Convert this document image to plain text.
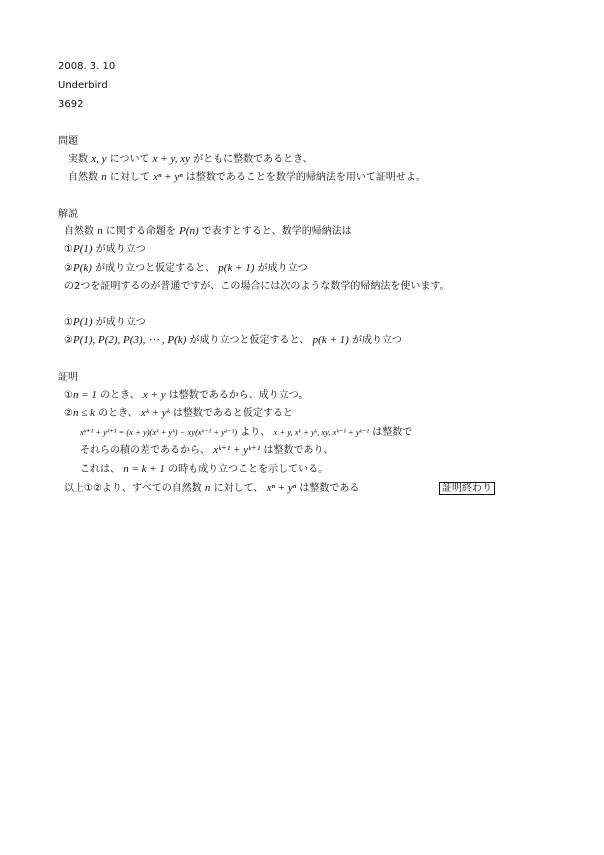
2008. 3. 10
Underbird
3692
問題
実数 x, y について x + y, xy がともに整数であるとき、
自然数 n に対して xⁿ + yⁿ は整数であることを数学的帰納法を用いて証明せよ。
解説
自然数 n に関する命題を P(n) で表すとすると、数学的帰納法は
①P(1) が成り立つ
②P(k) が成り立つと仮定すると、 p(k + 1) が成り立つ
の2つを証明するのが普通ですが、この場合には次のような数学的帰納法を使います。
①P(1) が成り立つ
②P(1), P(2), P(3), ⋯ , P(k) が成り立つと仮定すると、 p(k + 1) が成り立つ
証明
①n = 1 のとき、 x + y は整数であるから、成り立つ。
②n ≤ k のとき、 xᵏ + yᵏ は整数であると仮定すると
xᵏ⁺¹ + yᵏ⁺¹ = (x + y)(xᵏ + yᵏ) − xy(xᵏ⁻¹ + yᵏ⁻¹) より、 x + y, xᵏ + yᵏ, xy, xᵏ⁻¹ + yᵏ⁻¹ は整数で
それらの積の差であるから、 xᵏ⁺¹ + yᵏ⁺¹ は整数であり、
これは、 n = k + 1 の時も成り立つことを示している。
以上①②より、すべての自然数 n に対して、 xⁿ + yⁿ は整数である	証明終わり
